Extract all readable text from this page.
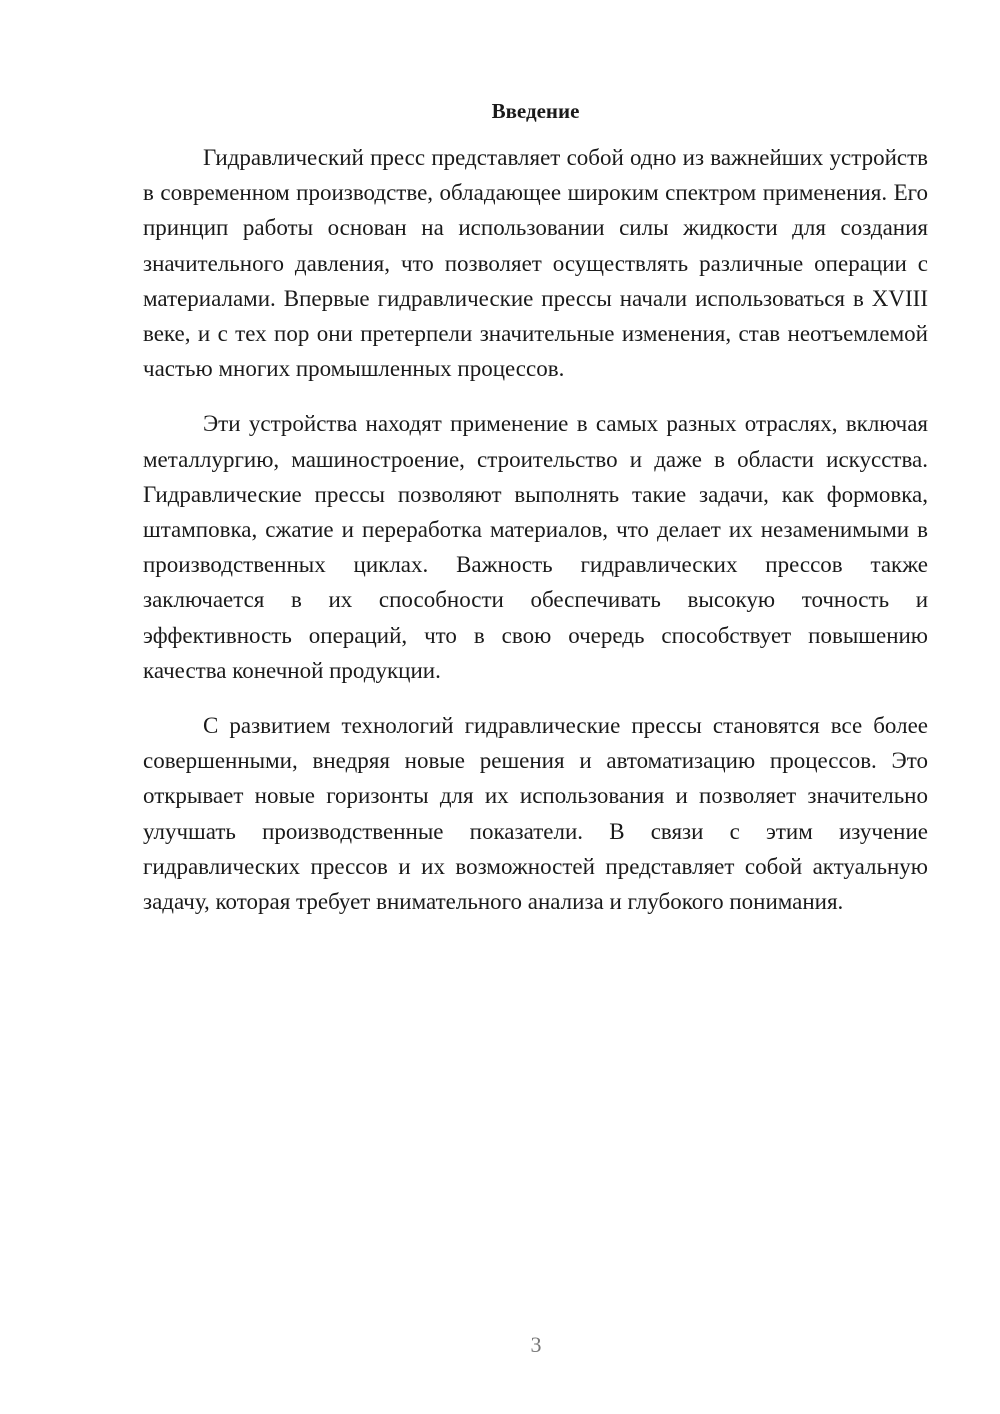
Введение

Гидравлический пресс представляет собой одно из важнейших устройств в современном производстве, обладающее широким спектром применения. Его принцип работы основан на использовании силы жидкости для создания значительного давления, что позволяет осуществлять различные операции с материалами. Впервые гидравлические прессы начали использоваться в XVIII веке, и с тех пор они претерпели значительные изменения, став неотъемлемой частью многих промышленных процессов.

Эти устройства находят применение в самых разных отраслях, включая металлургию, машиностроение, строительство и даже в области искусства. Гидравлические прессы позволяют выполнять такие задачи, как формовка, штамповка, сжатие и переработка материалов, что делает их незаменимыми в производственных циклах. Важность гидравлических прессов также заключается в их способности обеспечивать высокую точность и эффективность операций, что в свою очередь способствует повышению качества конечной продукции.

С развитием технологий гидравлические прессы становятся все более совершенными, внедряя новые решения и автоматизацию процессов. Это открывает новые горизонты для их использования и позволяет значительно улучшать производственные показатели. В связи с этим изучение гидравлических прессов и их возможностей представляет собой актуальную задачу, которая требует внимательного анализа и глубокого понимания.

3
